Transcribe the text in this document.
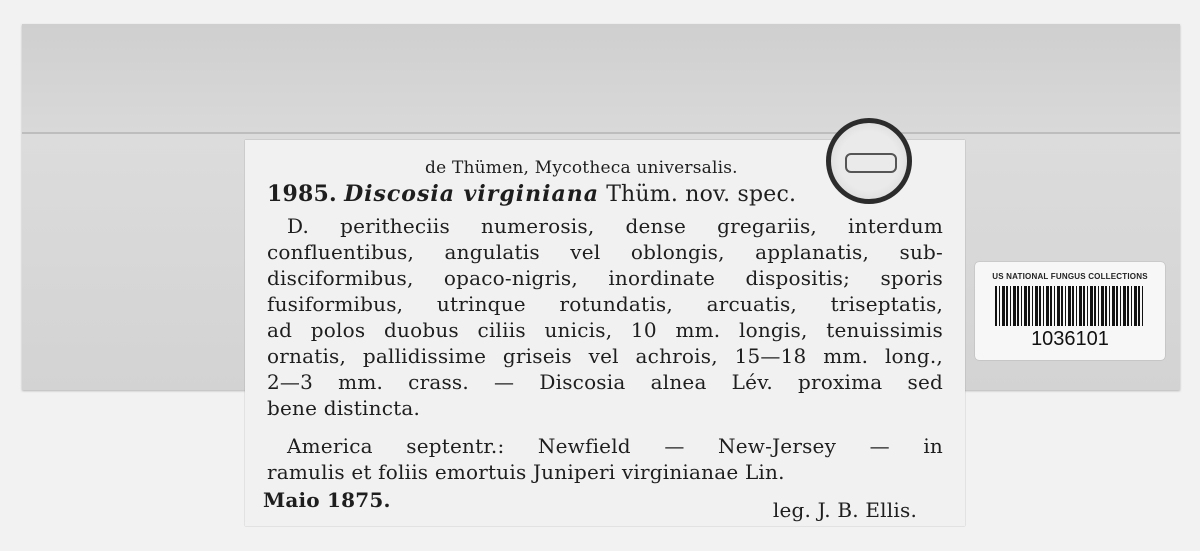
de Thümen, Mycotheca universalis.
1985. Discosia virginiana Thüm. nov. spec.
D. peritheciis numerosis, dense gregariis, interdum
confluentibus, angulatis vel oblongis, applanatis, sub-
disciformibus, opaco-nigris, inordinate dispositis; sporis
fusiformibus, utrinque rotundatis, arcuatis, triseptatis,
ad polos duobus ciliis unicis, 10 mm. longis, tenuissimis
ornatis, pallidissime griseis vel achrois, 15—18 mm. long.,
2—3 mm. crass. — Discosia alnea Lév. proxima sed
bene distincta.
America septentr.: Newfield — New-Jersey — in
ramulis et foliis emortuis Juniperi virginianae Lin.
Maio 1875.	leg. J. B. Ellis.
US NATIONAL FUNGUS COLLECTIONS
1036101
